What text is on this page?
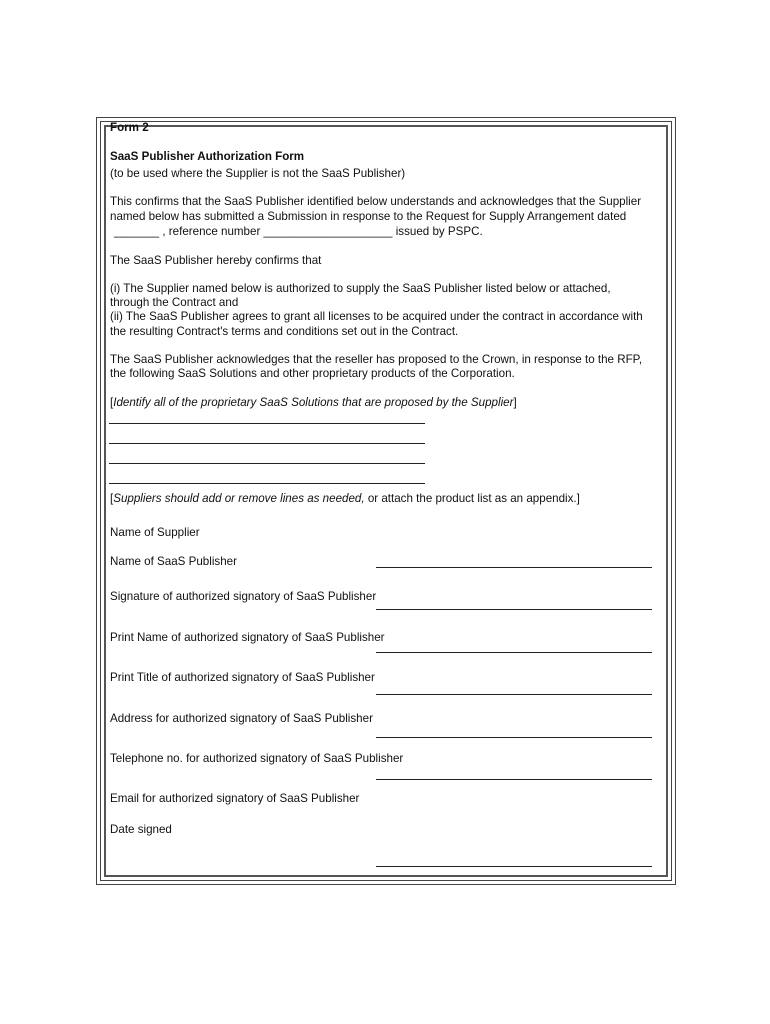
Form 2
SaaS Publisher Authorization Form
(to be used where the Supplier is not the SaaS Publisher)
This confirms that the SaaS Publisher identified below understands and acknowledges that the Supplier
named below has submitted a Submission in response to the Request for Supply Arrangement dated
_______ , reference number ____________________ issued by PSPC.
The SaaS Publisher hereby confirms that
(i) The Supplier named below is authorized to supply the SaaS Publisher listed below or attached,
through the Contract and
(ii) The SaaS Publisher agrees to grant all licenses to be acquired under the contract in accordance with
the resulting Contract's terms and conditions set out in the Contract.
The SaaS Publisher acknowledges that the reseller has proposed to the Crown, in response to the RFP,
the following SaaS Solutions and other proprietary products of the Corporation.
[Identify all of the proprietary SaaS Solutions that are proposed by the Supplier]
[Suppliers should add or remove lines as needed, or attach the product list as an appendix.]
Name of Supplier
Name of SaaS Publisher
Signature of authorized signatory of SaaS Publisher
Print Name of authorized signatory of SaaS Publisher
Print Title of authorized signatory of SaaS Publisher
Address for authorized signatory of SaaS Publisher
Telephone no. for authorized signatory of SaaS Publisher
Email for authorized signatory of SaaS Publisher
Date signed
